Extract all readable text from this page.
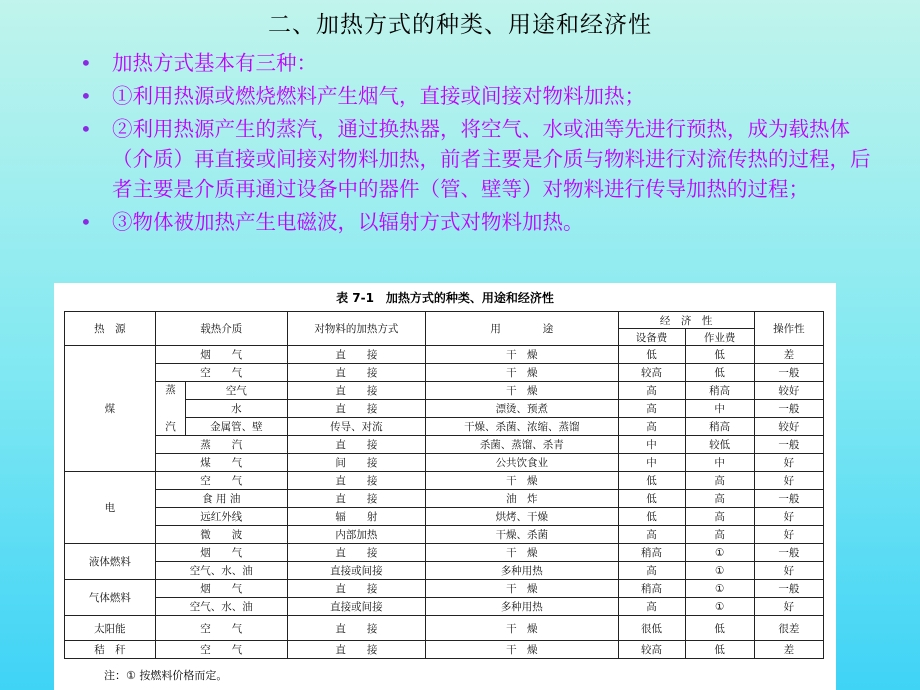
二、加热方式的种类、用途和经济性
• 加热方式基本有三种：
• ①利用热源或燃烧燃料产生烟气，直接或间接对物料加热；
• ②利用热源产生的蒸汽，通过换热器，将空气、水或油等先进行预热，成为载热体（介质）再直接或间接对物料加热，前者主要是介质与物料进行对流传热的过程，后者主要是介质再通过设备中的器件（管、壁等）对物料进行传导加热的过程；
• ③物体被加热产生电磁波，以辐射方式对物料加热。
表 7-1　加热方式的种类、用途和经济性
热　源	载热介质		对物料的加热方式	用　　　　途	经　济　性		操作性
					设备费	作业费	
煤	烟　　气		直　　接	干　燥	低	低	差
	空　　气		直　　接	干　燥	较高	低	一般
	蒸	空气	直　　接	干　燥	高	稍高	较好
		水	直　　接	漂烫、预煮	高	中	一般
	汽	金属管、壁	传导、对流	干燥、杀菌、浓缩、蒸馏	高	稍高	较好
	蒸　　汽		直　　接	杀菌、蒸馏、杀青	中	较低	一般
	煤　　气		间　　接	公共饮食业	中	中	好
电	空　　气		直　　接	干　燥	低	高	好
	食 用 油		直　　接	油　炸	低	高	一般
	远红外线		辐　　射	烘烤、干燥	低	高	好
	微　　波		内部加热	干燥、杀菌	高	高	好
液体燃料	烟　　气		直　　接	干　燥	稍高	①	一般
	空气、水、油		直接或间接	多种用热	高	①	好
气体燃料	烟　　气		直　　接	干　燥	稍高	①	一般
	空气、水、油		直接或间接	多种用热	高	①	好
太阳能	空　　气		直　　接	干　燥	很低	低	很差
秸　秆	空　　气		直　　接	干　燥	较高	低	差
注：① 按燃料价格而定。
